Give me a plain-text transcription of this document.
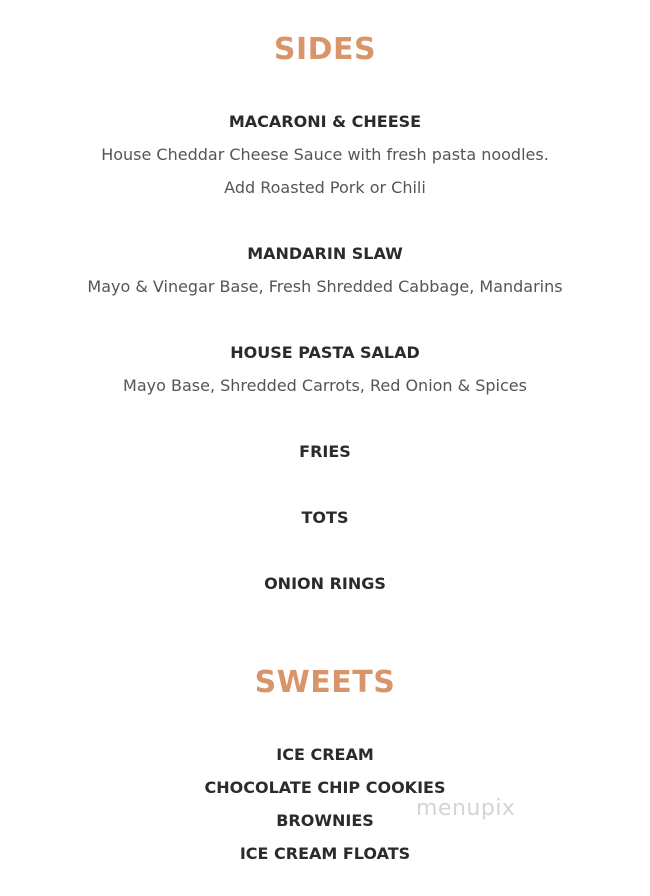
SIDES
MACARONI & CHEESE
House Cheddar Cheese Sauce with fresh pasta noodles.
Add Roasted Pork or Chili
MANDARIN SLAW
Mayo & Vinegar Base, Fresh Shredded Cabbage, Mandarins
HOUSE PASTA SALAD
Mayo Base, Shredded Carrots, Red Onion & Spices
FRIES
TOTS
ONION RINGS
SWEETS
ICE CREAM
CHOCOLATE CHIP COOKIES
BROWNIES
ICE CREAM FLOATS
menupix
